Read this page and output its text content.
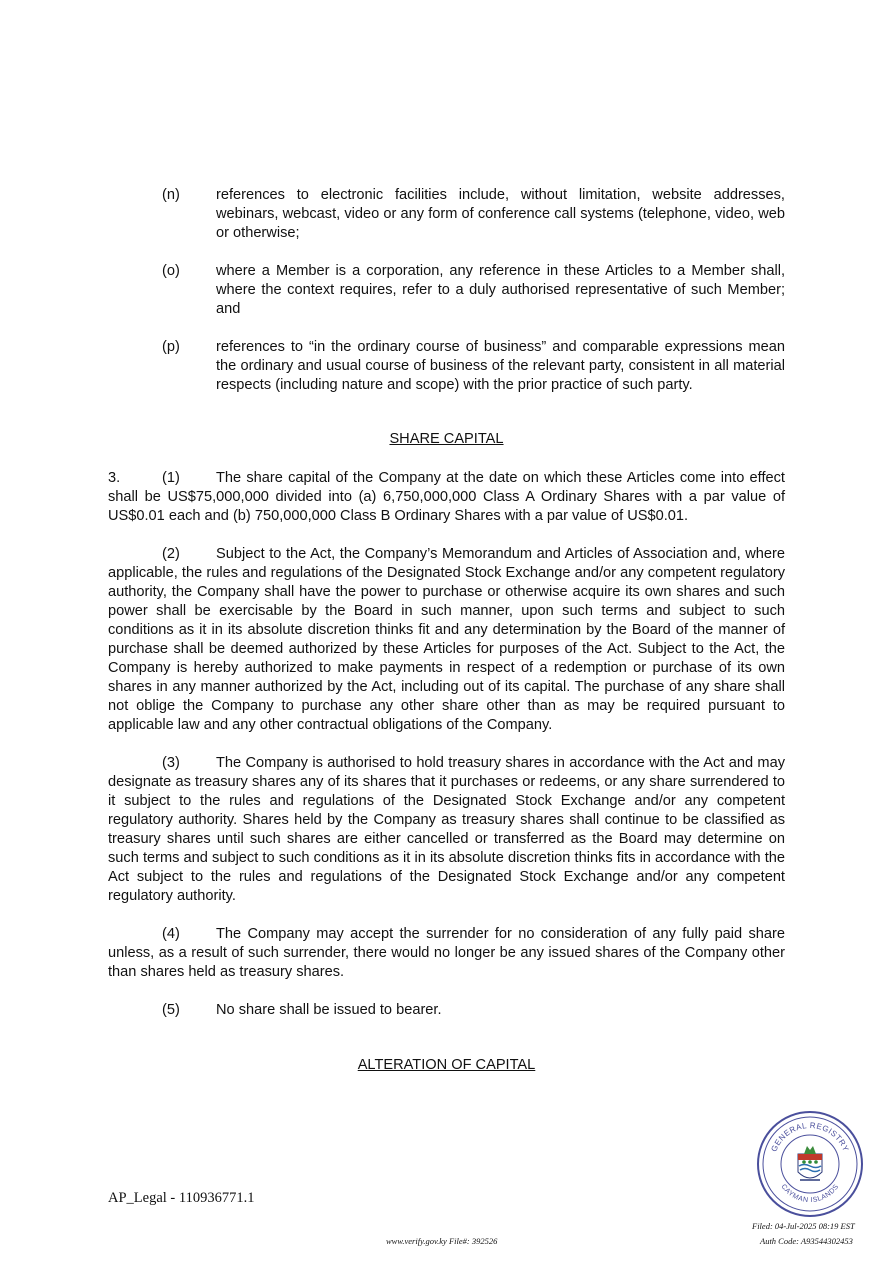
(n)	references to electronic facilities include, without limitation, website addresses, webinars, webcast, video or any form of conference call systems (telephone, video, web or otherwise;
(o)	where a Member is a corporation, any reference in these Articles to a Member shall, where the context requires, refer to a duly authorised representative of such Member; and
(p)	references to “in the ordinary course of business” and comparable expressions mean the ordinary and usual course of business of the relevant party, consistent in all material respects (including nature and scope) with the prior practice of such party.

SHARE CAPITAL

3.	(1) The share capital of the Company at the date on which these Articles come into effect shall be US$75,000,000 divided into (a) 6,750,000,000 Class A Ordinary Shares with a par value of US$0.01 each and (b) 750,000,000 Class B Ordinary Shares with a par value of US$0.01.

(2) Subject to the Act, the Company’s Memorandum and Articles of Association and, where applicable, the rules and regulations of the Designated Stock Exchange and/or any competent regulatory authority, the Company shall have the power to purchase or otherwise acquire its own shares and such power shall be exercisable by the Board in such manner, upon such terms and subject to such conditions as it in its absolute discretion thinks fit and any determination by the Board of the manner of purchase shall be deemed authorized by these Articles for purposes of the Act. Subject to the Act, the Company is hereby authorized to make payments in respect of a redemption or purchase of its own shares in any manner authorized by the Act, including out of its capital. The purchase of any share shall not oblige the Company to purchase any other share other than as may be required pursuant to applicable law and any other contractual obligations of the Company.

(3) The Company is authorised to hold treasury shares in accordance with the Act and may designate as treasury shares any of its shares that it purchases or redeems, or any share surrendered to it subject to the rules and regulations of the Designated Stock Exchange and/or any competent regulatory authority. Shares held by the Company as treasury shares shall continue to be classified as treasury shares until such shares are either cancelled or transferred as the Board may determine on such terms and subject to such conditions as it in its absolute discretion thinks fits in accordance with the Act subject to the rules and regulations of the Designated Stock Exchange and/or any competent regulatory authority.

(4) The Company may accept the surrender for no consideration of any fully paid share unless, as a result of such surrender, there would no longer be any issued shares of the Company other than shares held as treasury shares.

(5) No share shall be issued to bearer.

ALTERATION OF CAPITAL

AP_Legal - 110936771.1
www.verify.gov.ky File#: 392526
Filed: 04-Jul-2025 08:19 EST
Auth Code: A93544302453
GENERAL REGISTRY
CAYMAN ISLANDS
